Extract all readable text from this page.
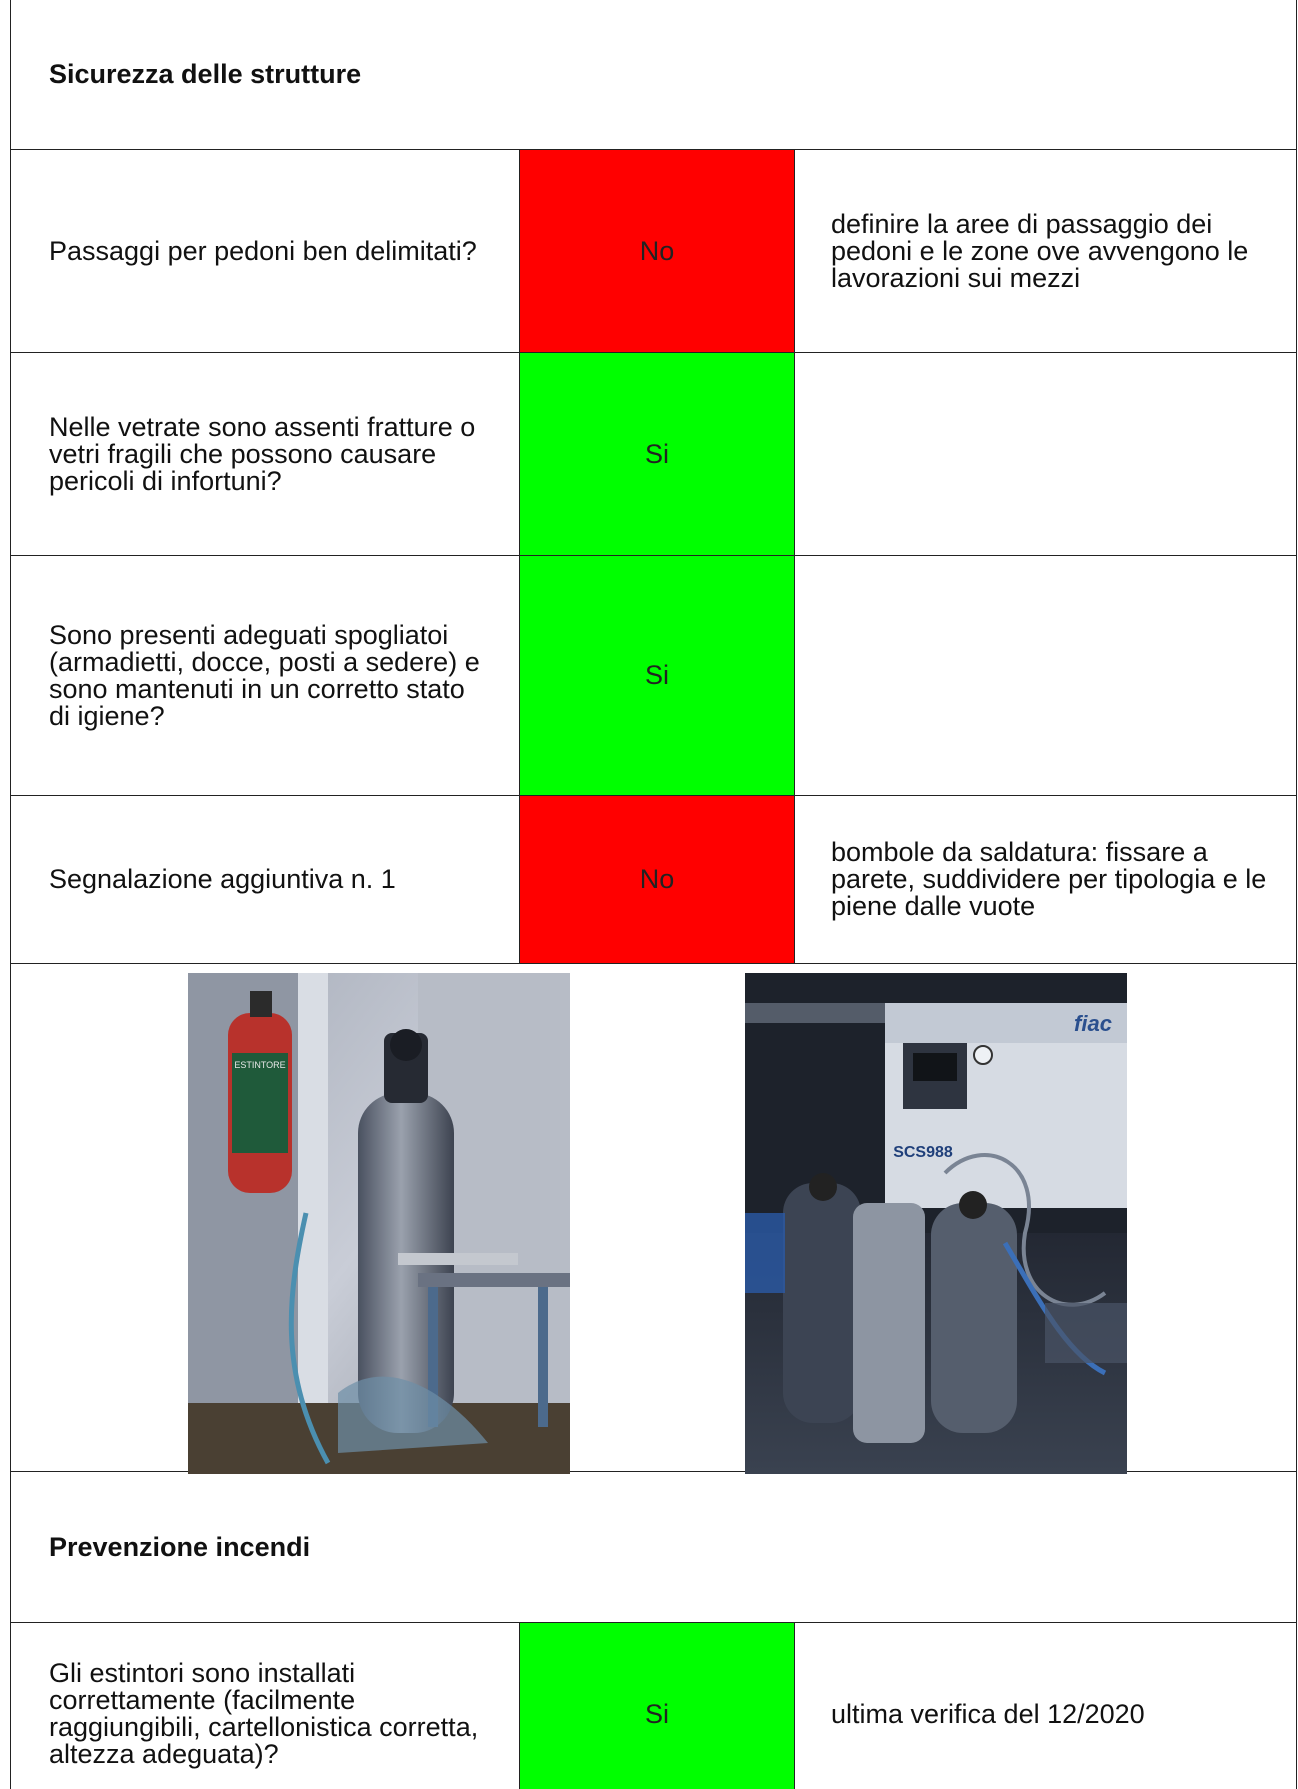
Sicurezza delle strutture		
Passaggi per pedoni ben delimitati?	No	definire la aree di passaggio dei pedoni e le zone ove avvengono le lavorazioni sui mezzi
Nelle vetrate sono assenti fratture o vetri fragili che possono causare pericoli di infortuni?	Si	
Sono presenti adeguati spogliatoi (armadietti, docce, posti a sedere) e sono mantenuti in un corretto stato di igiene?	Si	
Segnalazione aggiuntiva n. 1	No	bombole da saldatura: fissare a parete, suddividere per tipologia e le piene dalle vuote

ESTINTORE
fiac
SCS988		

Prevenzione incendi		
Gli estintori sono installati correttamente (facilmente raggiungibili, cartellonistica corretta, altezza adeguata)?	Si	ultima verifica del 12/2020
